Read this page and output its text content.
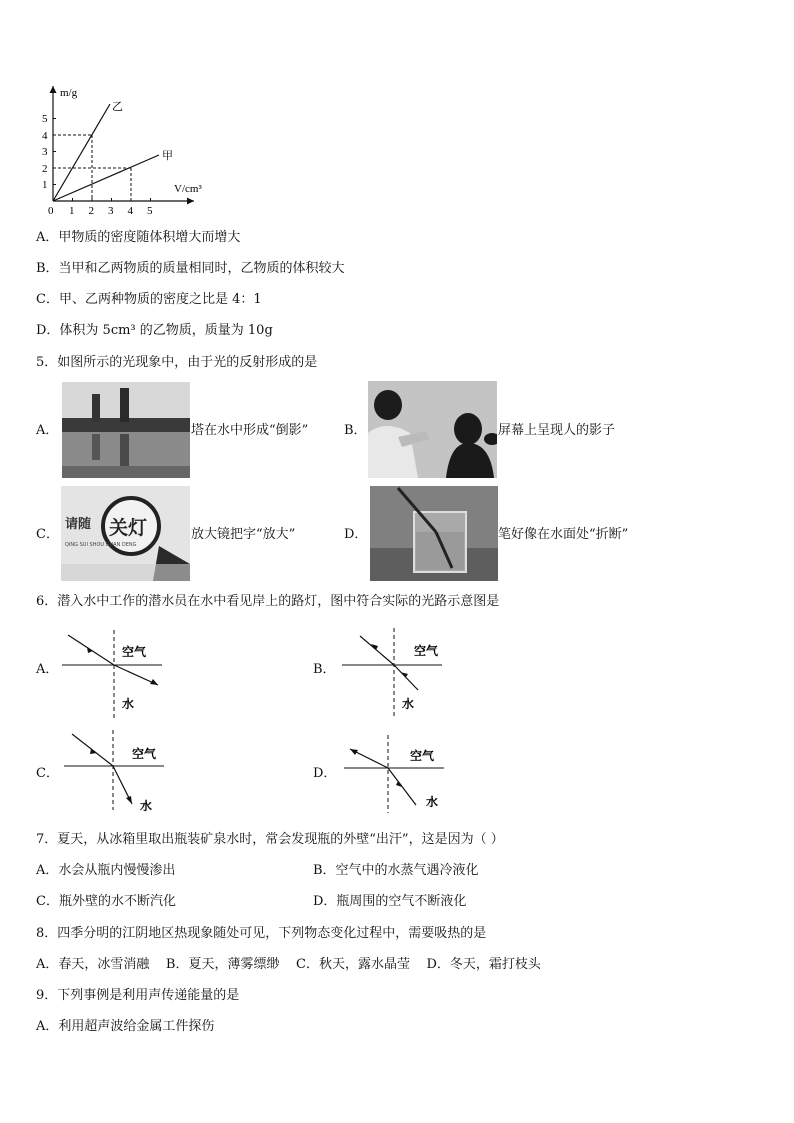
m/g
V/cm³
0 1 2 3 4 5
1
2
3
4
5
乙
甲
A．甲物质的密度随体积增大而增大
B．当甲和乙两物质的质量相同时，乙物质的体积较大
C．甲、乙两种物质的密度之比是 4：1
D．体积为 5cm³ 的乙物质，质量为 10g
5．如图所示的光现象中，由于光的反射形成的是
A．	塔在水中形成“倒影”	B．	屏幕上呈现人的影子
C．
请随 关灯
QING SUI SHOU GUAN DENG
放大镜把字“放大”	D．	笔好像在水面处“折断”
6．潜入水中工作的潜水员在水中看见岸上的路灯，图中符合实际的光路示意图是
A．
空气
水
B．
空气
水
C．
空气
水
D．
空气
水
7．夏天，从冰箱里取出瓶装矿泉水时，常会发现瓶的外壁“出汗”，这是因为（ ）
A．水会从瓶内慢慢渗出	B．空气中的水蒸气遇冷液化
C．瓶外壁的水不断汽化	D．瓶周围的空气不断液化
8．四季分明的江阴地区热现象随处可见，下列物态变化过程中，需要吸热的是
A．春天，冰雪消融    B．夏天，薄雾缥缈    C．秋天，露水晶莹    D．冬天，霜打枝头
9．下列事例是利用声传递能量的是
A．利用超声波给金属工件探伤
